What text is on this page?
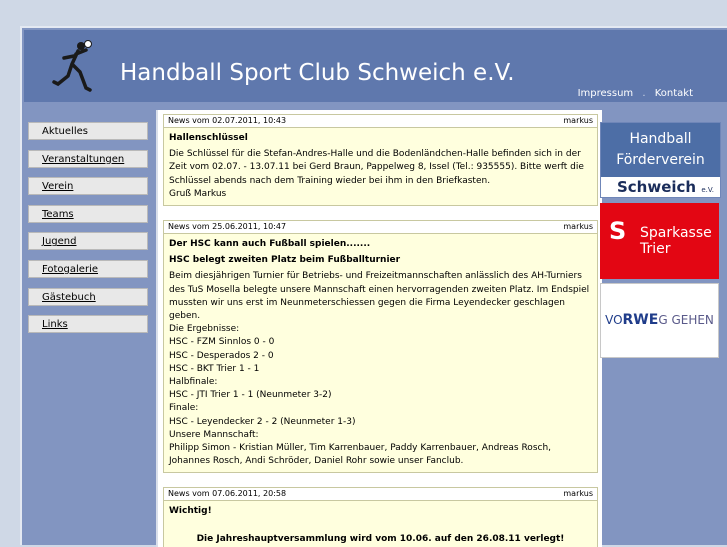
Handball Sport Club Schweich e.V.
Impressum . Kontakt
Aktuelles
Veranstaltungen
Verein
Teams
Jugend
Fotogalerie
Gästebuch
Links
News vom 02.07.2011, 10:43	markus
Hallenschlüssel
Die Schlüssel für die Stefan-Andres-Halle und die Bodenländchen-Halle befinden sich in der Zeit vom 02.07. - 13.07.11 bei Gerd Braun, Pappelweg 8, Issel (Tel.: 935555). Bitte werft die Schlüssel abends nach dem Training wieder bei ihm in den Briefkasten.
Gruß Markus
News vom 25.06.2011, 10:47	markus
Der HSC kann auch Fußball spielen.......
HSC belegt zweiten Platz beim Fußballturnier
Beim diesjährigen Turnier für Betriebs- und Freizeitmannschaften anlässlich des AH-Turniers des TuS Mosella belegte unsere Mannschaft einen hervorragenden zweiten Platz. Im Endspiel mussten wir uns erst im Neunmeterschiessen gegen die Firma Leyendecker geschlagen geben.
Die Ergebnisse:
HSC - FZM Sinnlos 0 - 0
HSC - Desperados 2 - 0
HSC - BKT Trier 1 - 1
Halbfinale:
HSC - JTI Trier 1 - 1 (Neunmeter 3-2)
Finale:
HSC - Leyendecker 2 - 2 (Neunmeter 1-3)
Unsere Mannschaft:
Philipp Simon - Kristian Müller, Tim Karrenbauer, Paddy Karrenbauer, Andreas Rosch, Johannes Rosch, Andi Schröder, Daniel Rohr sowie unser Fanclub.
News vom 07.06.2011, 20:58	markus
Wichtig!
Die Jahreshauptversammlung wird vom 10.06. auf den 26.08.11 verlegt!
Handball
Förderverein
Schweich e.V.
S Sparkasse
Trier
VORWEG GEHEN
